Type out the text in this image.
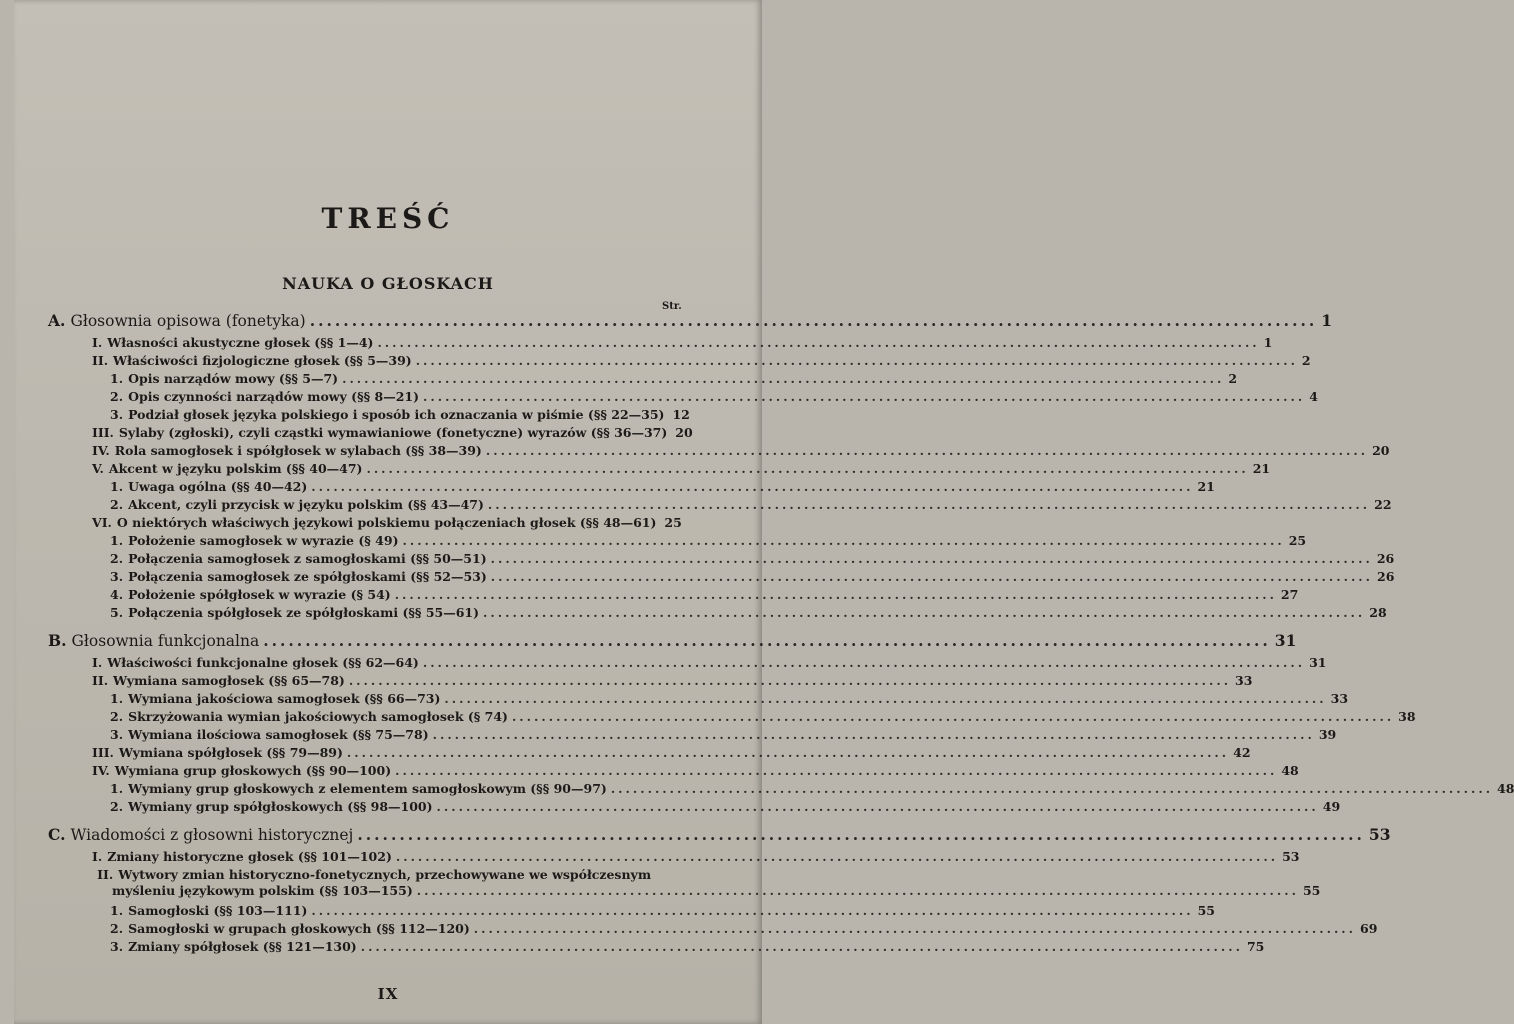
TREŚĆ
NAUKA O GŁOSKACH
Str.
A. Głosownia opisowa (fonetyka) ........................................................................................................................ 1
I. Własności akustyczne głosek (§§ 1—4) ........................................................................................................................ 1
II. Właściwości fizjologiczne głosek (§§ 5—39) ........................................................................................................................ 2
1. Opis narządów mowy (§§ 5—7) ........................................................................................................................ 2
2. Opis czynności narządów mowy (§§ 8—21) ........................................................................................................................ 4
3. Podział głosek języka polskiego i sposób ich oznaczania w piśmie (§§ 22—35) 12
III. Sylaby (zgłoski), czyli cząstki wymawianiowe (fonetyczne) wyrazów (§§ 36—37) 20
IV. Rola samogłosek i spółgłosek w sylabach (§§ 38—39) ........................................................................................................................ 20
V. Akcent w języku polskim (§§ 40—47) ........................................................................................................................ 21
1. Uwaga ogólna (§§ 40—42) ........................................................................................................................ 21
2. Akcent, czyli przycisk w języku polskim (§§ 43—47) ........................................................................................................................ 22
VI. O niektórych właściwych językowi polskiemu połączeniach głosek (§§ 48—61) 25
1. Położenie samogłosek w wyrazie (§ 49) ........................................................................................................................ 25
2. Połączenia samogłosek z samogłoskami (§§ 50—51) ........................................................................................................................ 26
3. Połączenia samogłosek ze spółgłoskami (§§ 52—53) ........................................................................................................................ 26
4. Położenie spółgłosek w wyrazie (§ 54) ........................................................................................................................ 27
5. Połączenia spółgłosek ze spółgłoskami (§§ 55—61) ........................................................................................................................ 28
B. Głosownia funkcjonalna ........................................................................................................................ 31
I. Właściwości funkcjonalne głosek (§§ 62—64) ........................................................................................................................ 31
II. Wymiana samogłosek (§§ 65—78) ........................................................................................................................ 33
1. Wymiana jakościowa samogłosek (§§ 66—73) ........................................................................................................................ 33
2. Skrzyżowania wymian jakościowych samogłosek (§ 74) ........................................................................................................................ 38
3. Wymiana ilościowa samogłosek (§§ 75—78) ........................................................................................................................ 39
III. Wymiana spółgłosek (§§ 79—89) ........................................................................................................................ 42
IV. Wymiana grup głoskowych (§§ 90—100) ........................................................................................................................ 48
1. Wymiany grup głoskowych z elementem samogłoskowym (§§ 90—97) ........................................................................................................................ 48
2. Wymiany grup spółgłoskowych (§§ 98—100) ........................................................................................................................ 49
C. Wiadomości z głosowni historycznej ........................................................................................................................ 53
I. Zmiany historyczne głosek (§§ 101—102) ........................................................................................................................ 53
II. Wytwory zmian historyczno-fonetycznych, przechowywane we współczesnym
myśleniu językowym polskim (§§ 103—155) ........................................................................................................................ 55
1. Samogłoski (§§ 103—111) ........................................................................................................................ 55
2. Samogłoski w grupach głoskowych (§§ 112—120) ........................................................................................................................ 69
3. Zmiany spółgłosek (§§ 121—130) ........................................................................................................................ 75
IX
